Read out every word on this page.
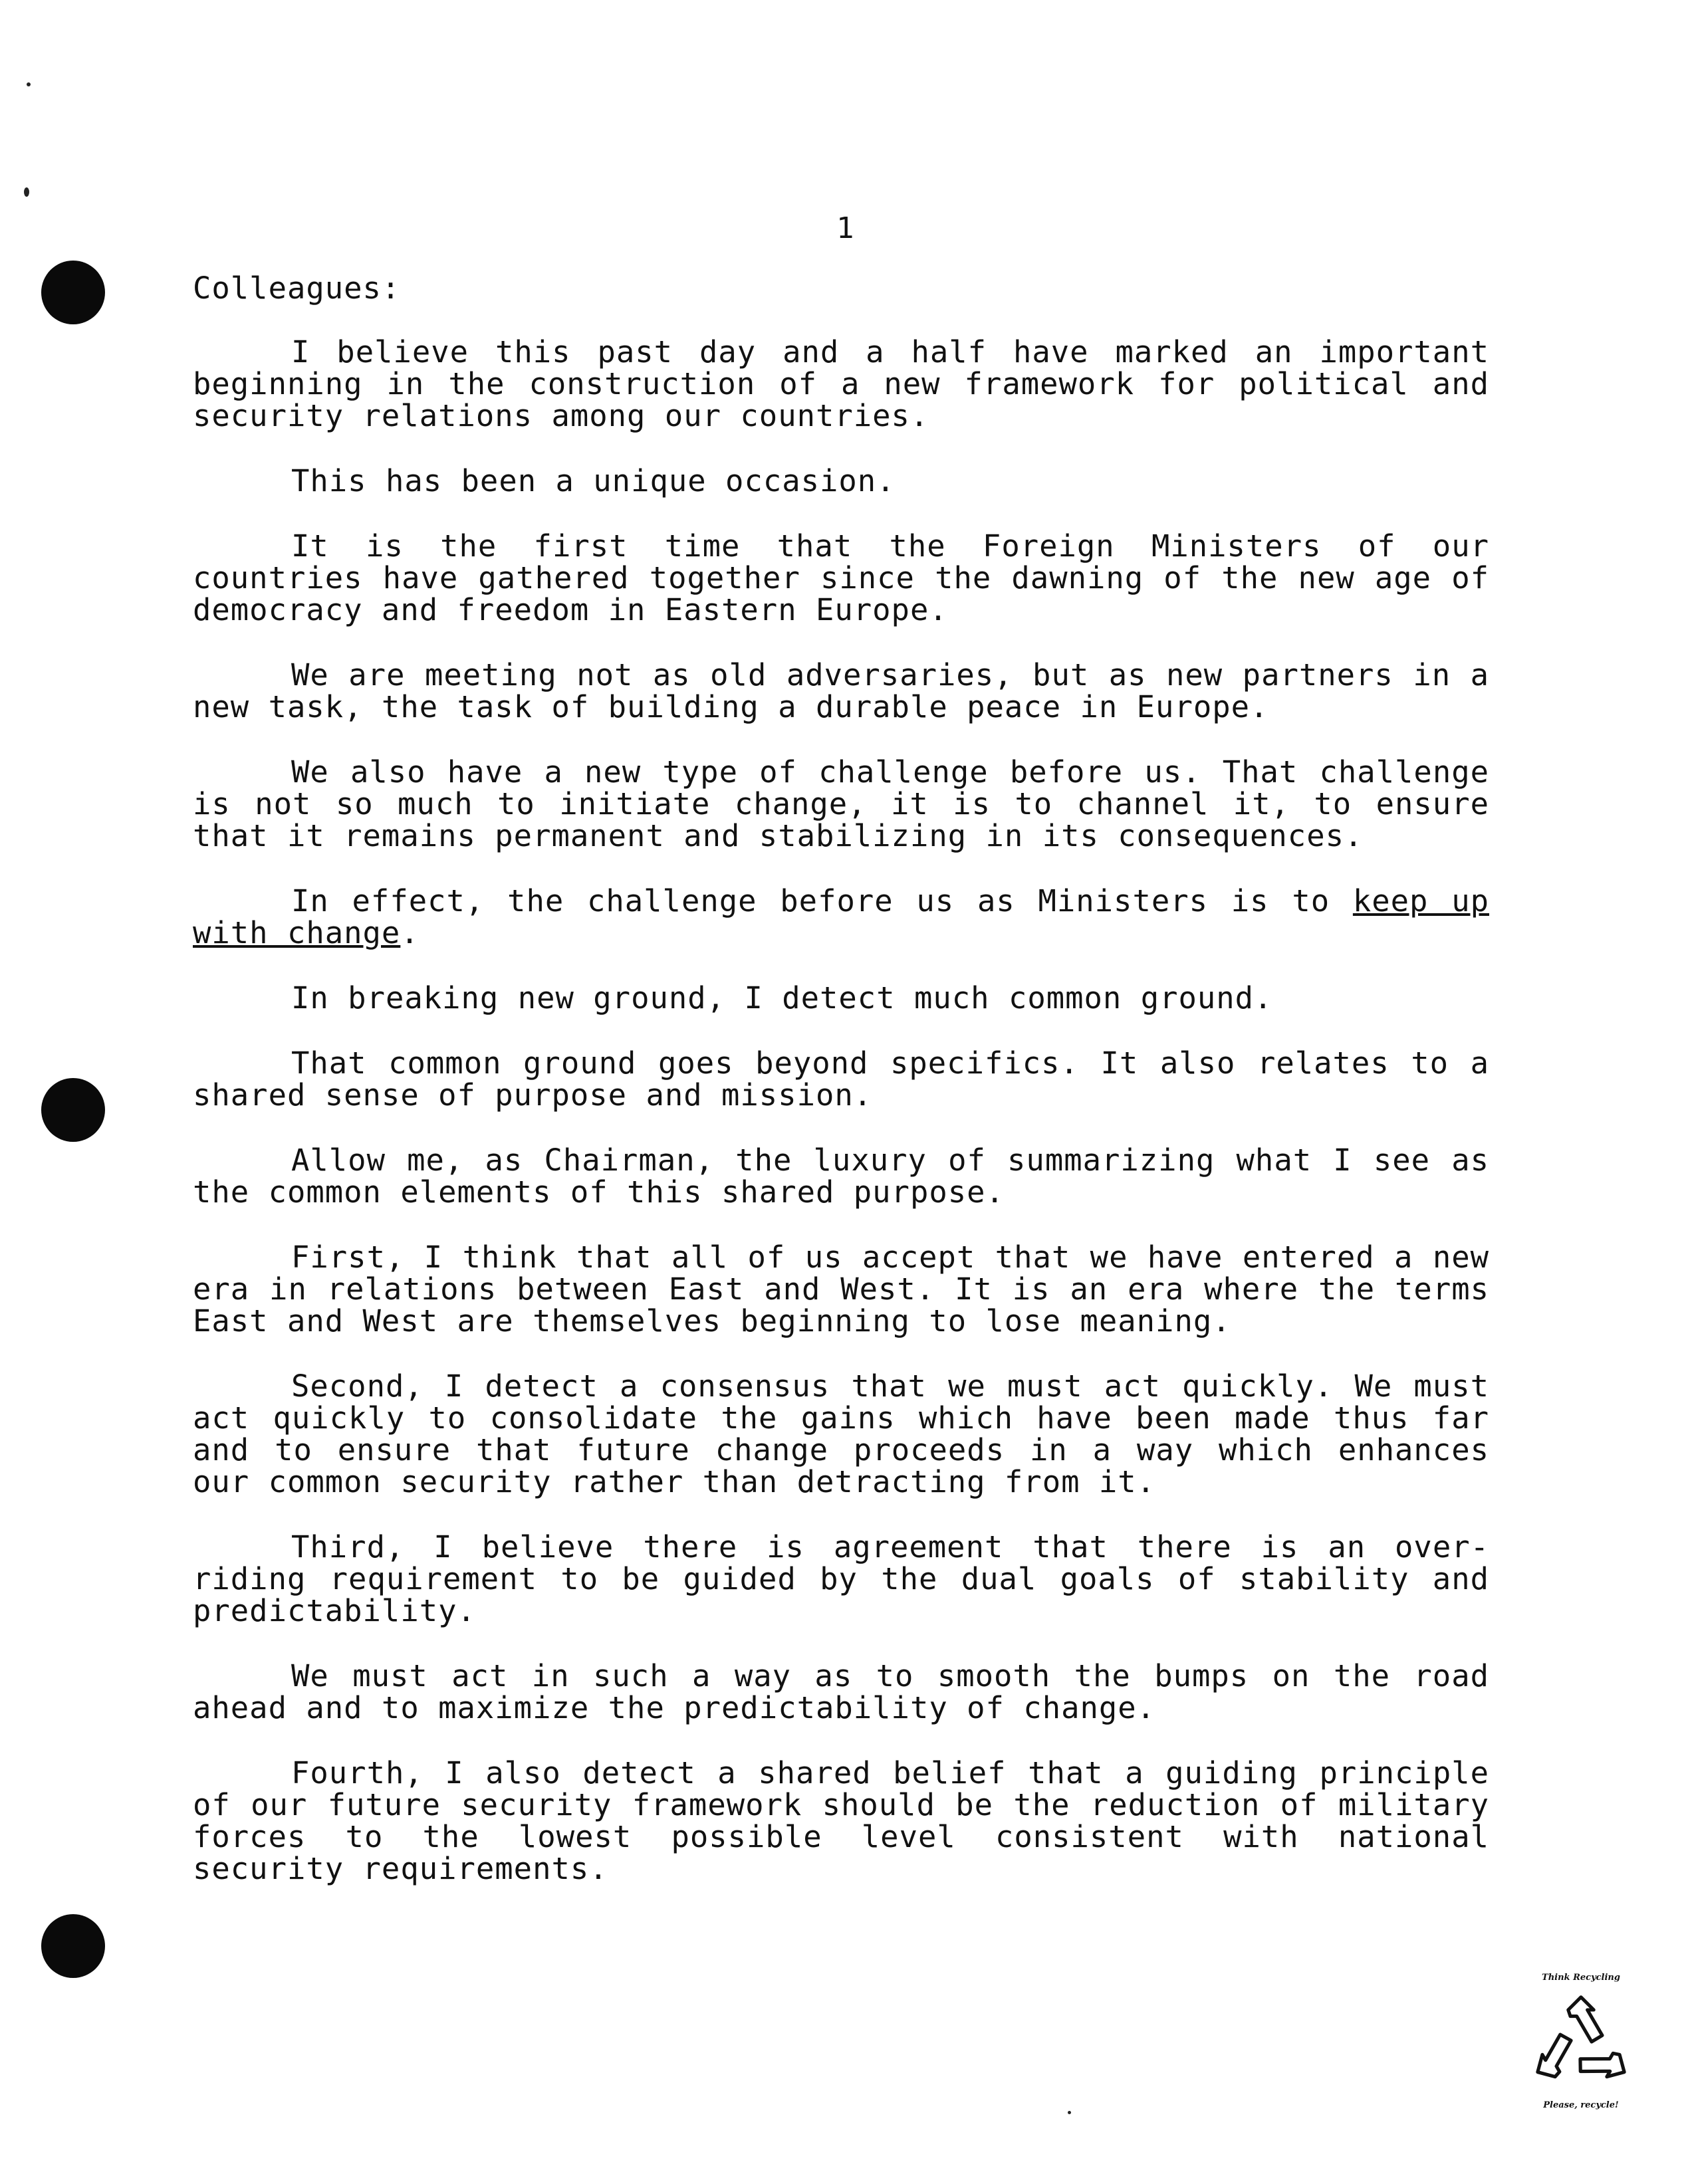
1

Colleagues:

I believe this past day and a half have marked an important beginning in the construction of a new framework for political and security relations among our countries.

This has been a unique occasion.

It is the first time that the Foreign Ministers of our countries have gathered together since the dawning of the new age of democracy and freedom in Eastern Europe.

We are meeting not as old adversaries, but as new partners in a new task, the task of building a durable peace in Europe.

We also have a new type of challenge before us. That challenge is not so much to initiate change, it is to channel it, to ensure that it remains permanent and stabilizing in its consequences.

In effect, the challenge before us as Ministers is to keep up with change.

In breaking new ground, I detect much common ground.

That common ground goes beyond specifics. It also relates to a shared sense of purpose and mission.

Allow me, as Chairman, the luxury of summarizing what I see as the common elements of this shared purpose.

First, I think that all of us accept that we have entered a new era in relations between East and West. It is an era where the terms East and West are themselves beginning to lose meaning.

Second, I detect a consensus that we must act quickly. We must act quickly to consolidate the gains which have been made thus far and to ensure that future change proceeds in a way which enhances our common security rather than detracting from it.

Third, I believe there is agreement that there is an over-riding requirement to be guided by the dual goals of stability and predictability.

We must act in such a way as to smooth the bumps on the road ahead and to maximize the predictability of change.

Fourth, I also detect a shared belief that a guiding principle of our future security framework should be the reduction of military forces to the lowest possible level consistent with national security requirements.

Think Recycling
Please, recycle!
